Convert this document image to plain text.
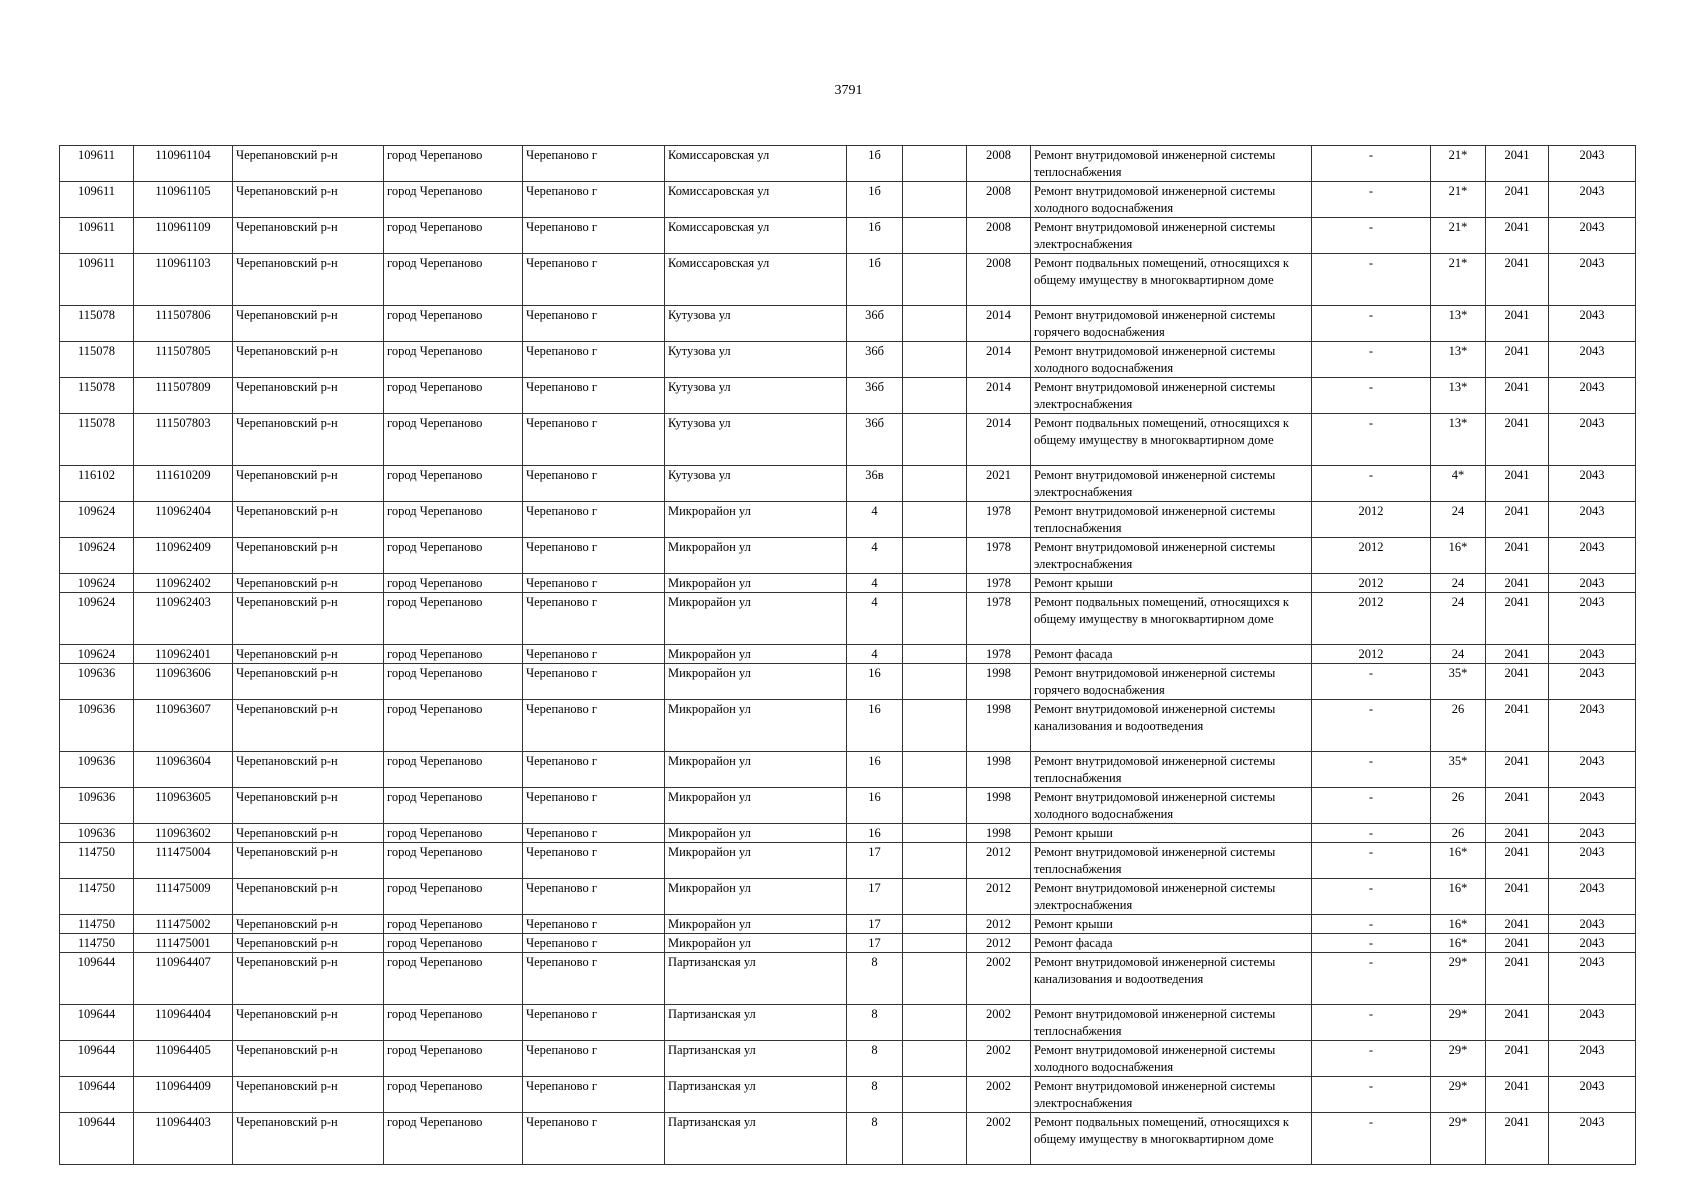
3791
109611	110961104	Черепановский р-н	город Черепаново	Черепаново г	Комиссаровская ул	1б		2008	Ремонт внутридомовой инженерной системы теплоснабжения	-	21*	2041	2043
109611	110961105	Черепановский р-н	город Черепаново	Черепаново г	Комиссаровская ул	1б		2008	Ремонт внутридомовой инженерной системы холодного водоснабжения	-	21*	2041	2043
109611	110961109	Черепановский р-н	город Черепаново	Черепаново г	Комиссаровская ул	1б		2008	Ремонт внутридомовой инженерной системы электроснабжения	-	21*	2041	2043
109611	110961103	Черепановский р-н	город Черепаново	Черепаново г	Комиссаровская ул	1б		2008	Ремонт подвальных помещений, относящихся к общему имуществу в многоквартирном доме	-	21*	2041	2043
115078	111507806	Черепановский р-н	город Черепаново	Черепаново г	Кутузова ул	36б		2014	Ремонт внутридомовой инженерной системы горячего водоснабжения	-	13*	2041	2043
115078	111507805	Черепановский р-н	город Черепаново	Черепаново г	Кутузова ул	36б		2014	Ремонт внутридомовой инженерной системы холодного водоснабжения	-	13*	2041	2043
115078	111507809	Черепановский р-н	город Черепаново	Черепаново г	Кутузова ул	36б		2014	Ремонт внутридомовой инженерной системы электроснабжения	-	13*	2041	2043
115078	111507803	Черепановский р-н	город Черепаново	Черепаново г	Кутузова ул	36б		2014	Ремонт подвальных помещений, относящихся к общему имуществу в многоквартирном доме	-	13*	2041	2043
116102	111610209	Черепановский р-н	город Черепаново	Черепаново г	Кутузова ул	36в		2021	Ремонт внутридомовой инженерной системы электроснабжения	-	4*	2041	2043
109624	110962404	Черепановский р-н	город Черепаново	Черепаново г	Микрорайон ул	4		1978	Ремонт внутридомовой инженерной системы теплоснабжения	2012	24	2041	2043
109624	110962409	Черепановский р-н	город Черепаново	Черепаново г	Микрорайон ул	4		1978	Ремонт внутридомовой инженерной системы электроснабжения	2012	16*	2041	2043
109624	110962402	Черепановский р-н	город Черепаново	Черепаново г	Микрорайон ул	4		1978	Ремонт крыши	2012	24	2041	2043
109624	110962403	Черепановский р-н	город Черепаново	Черепаново г	Микрорайон ул	4		1978	Ремонт подвальных помещений, относящихся к общему имуществу в многоквартирном доме	2012	24	2041	2043
109624	110962401	Черепановский р-н	город Черепаново	Черепаново г	Микрорайон ул	4		1978	Ремонт фасада	2012	24	2041	2043
109636	110963606	Черепановский р-н	город Черепаново	Черепаново г	Микрорайон ул	16		1998	Ремонт внутридомовой инженерной системы горячего водоснабжения	-	35*	2041	2043
109636	110963607	Черепановский р-н	город Черепаново	Черепаново г	Микрорайон ул	16		1998	Ремонт внутридомовой инженерной системы канализования и водоотведения	-	26	2041	2043
109636	110963604	Черепановский р-н	город Черепаново	Черепаново г	Микрорайон ул	16		1998	Ремонт внутридомовой инженерной системы теплоснабжения	-	35*	2041	2043
109636	110963605	Черепановский р-н	город Черепаново	Черепаново г	Микрорайон ул	16		1998	Ремонт внутридомовой инженерной системы холодного водоснабжения	-	26	2041	2043
109636	110963602	Черепановский р-н	город Черепаново	Черепаново г	Микрорайон ул	16		1998	Ремонт крыши	-	26	2041	2043
114750	111475004	Черепановский р-н	город Черепаново	Черепаново г	Микрорайон ул	17		2012	Ремонт внутридомовой инженерной системы теплоснабжения	-	16*	2041	2043
114750	111475009	Черепановский р-н	город Черепаново	Черепаново г	Микрорайон ул	17		2012	Ремонт внутридомовой инженерной системы электроснабжения	-	16*	2041	2043
114750	111475002	Черепановский р-н	город Черепаново	Черепаново г	Микрорайон ул	17		2012	Ремонт крыши	-	16*	2041	2043
114750	111475001	Черепановский р-н	город Черепаново	Черепаново г	Микрорайон ул	17		2012	Ремонт фасада	-	16*	2041	2043
109644	110964407	Черепановский р-н	город Черепаново	Черепаново г	Партизанская ул	8		2002	Ремонт внутридомовой инженерной системы канализования и водоотведения	-	29*	2041	2043
109644	110964404	Черепановский р-н	город Черепаново	Черепаново г	Партизанская ул	8		2002	Ремонт внутридомовой инженерной системы теплоснабжения	-	29*	2041	2043
109644	110964405	Черепановский р-н	город Черепаново	Черепаново г	Партизанская ул	8		2002	Ремонт внутридомовой инженерной системы холодного водоснабжения	-	29*	2041	2043
109644	110964409	Черепановский р-н	город Черепаново	Черепаново г	Партизанская ул	8		2002	Ремонт внутридомовой инженерной системы электроснабжения	-	29*	2041	2043
109644	110964403	Черепановский р-н	город Черепаново	Черепаново г	Партизанская ул	8		2002	Ремонт подвальных помещений, относящихся к общему имуществу в многоквартирном доме	-	29*	2041	2043
